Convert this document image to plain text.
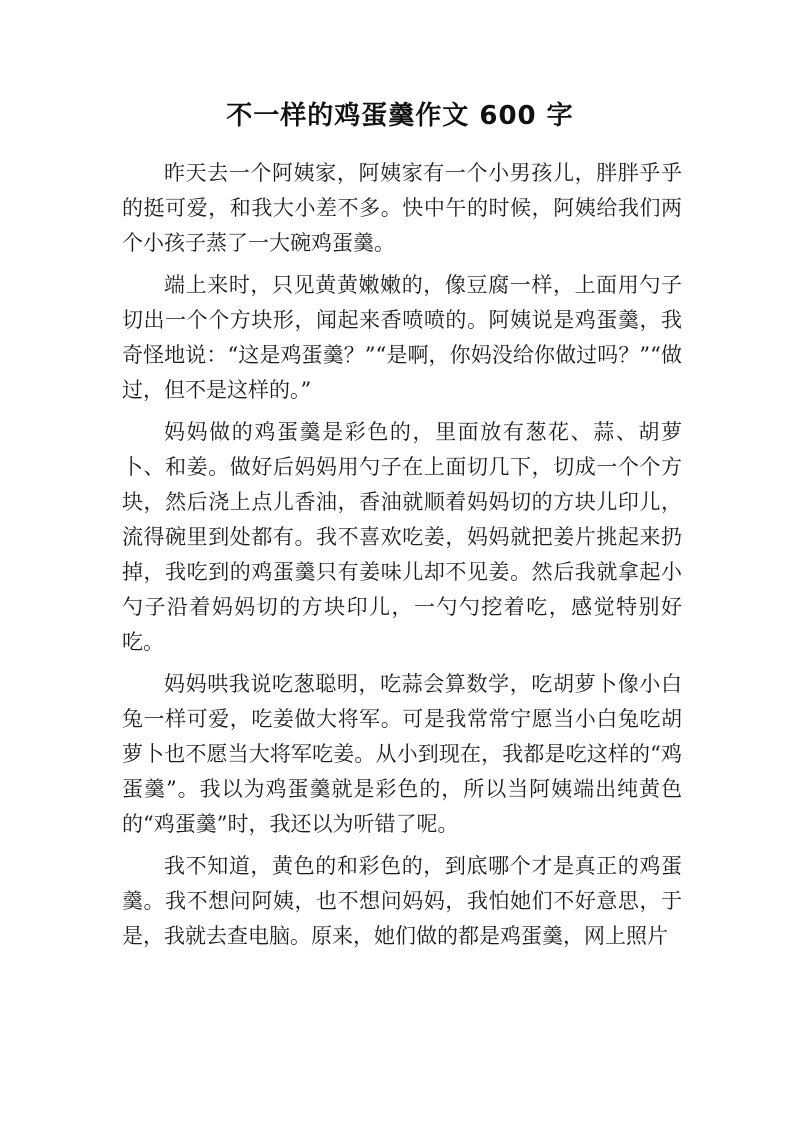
不一样的鸡蛋羹作文 600 字

昨天去一个阿姨家，阿姨家有一个小男孩儿，胖胖乎乎的挺可爱，和我大小差不多。快中午的时候，阿姨给我们两个小孩子蒸了一大碗鸡蛋羹。

端上来时，只见黄黄嫩嫩的，像豆腐一样，上面用勺子切出一个个方块形，闻起来香喷喷的。阿姨说是鸡蛋羹，我奇怪地说：“这是鸡蛋羹？”“是啊，你妈没给你做过吗？”“做过，但不是这样的。”

妈妈做的鸡蛋羹是彩色的，里面放有葱花、蒜、胡萝卜、和姜。做好后妈妈用勺子在上面切几下，切成一个个方块，然后浇上点儿香油，香油就顺着妈妈切的方块儿印儿，流得碗里到处都有。我不喜欢吃姜，妈妈就把姜片挑起来扔掉，我吃到的鸡蛋羹只有姜味儿却不见姜。然后我就拿起小勺子沿着妈妈切的方块印儿，一勺勺挖着吃，感觉特别好吃。

妈妈哄我说吃葱聪明，吃蒜会算数学，吃胡萝卜像小白兔一样可爱，吃姜做大将军。可是我常常宁愿当小白兔吃胡萝卜也不愿当大将军吃姜。从小到现在，我都是吃这样的“鸡蛋羹”。我以为鸡蛋羹就是彩色的，所以当阿姨端出纯黄色的“鸡蛋羹”时，我还以为听错了呢。

我不知道，黄色的和彩色的，到底哪个才是真正的鸡蛋羹。我不想问阿姨，也不想问妈妈，我怕她们不好意思，于是，我就去查电脑。原来，她们做的都是鸡蛋羹，网上照片
